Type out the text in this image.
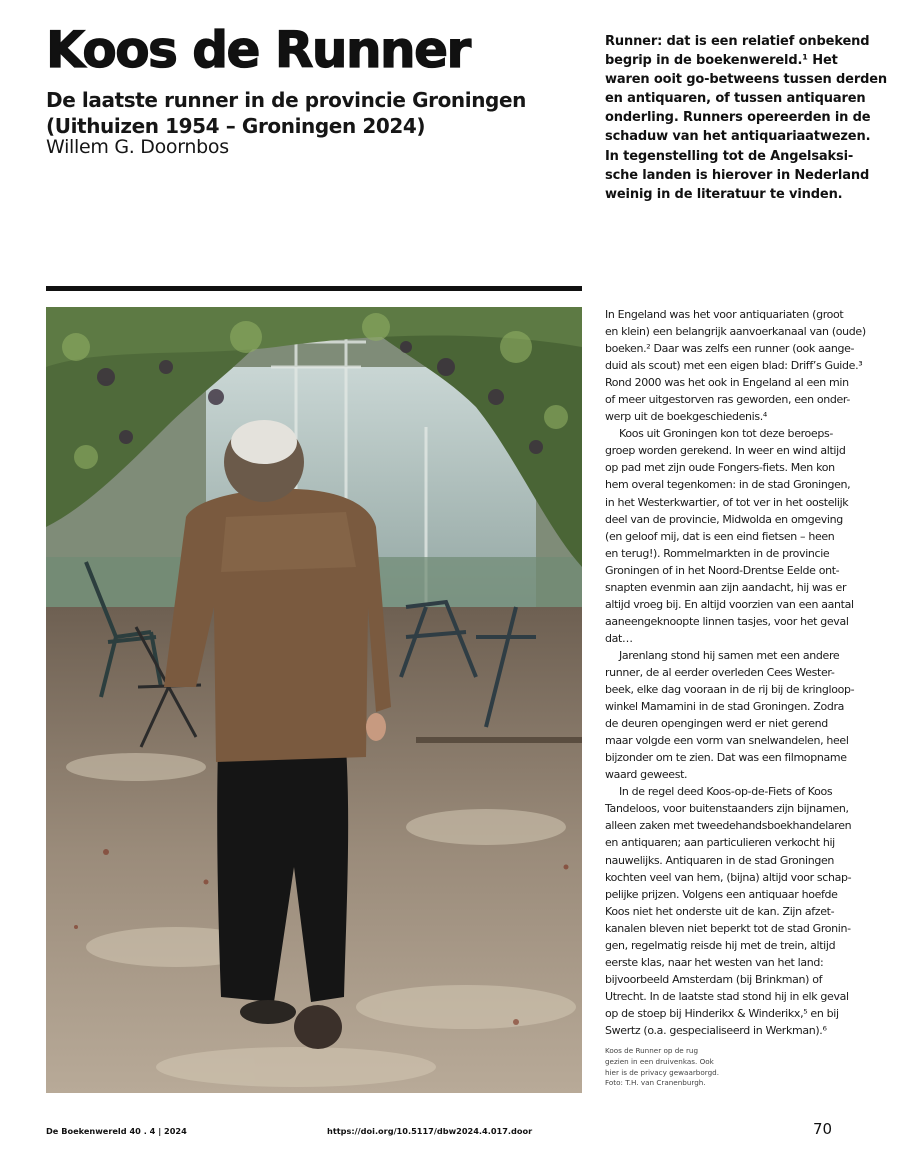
Koos de Runner
De laatste runner in de provincie Groningen
(Uithuizen 1954 – Groningen 2024)

Willem G. Doornbos

Runner: dat is een relatief onbekend
begrip in de boekenwereld.¹ Het
waren ooit go-betweens tussen derden
en antiquaren, of tussen antiquaren
onderling. Runners opereerden in de
schaduw van het antiquariaatwezen.
In tegenstelling tot de Angelsaksi-
sche landen is hierover in Nederland
weinig in de literatuur te vinden.
In Engeland was het voor antiquariaten (groot
en klein) een belangrijk aanvoerkanaal van (oude)
boeken.² Daar was zelfs een runner (ook aange-
duid als scout) met een eigen blad: Driff’s Guide.³
Rond 2000 was het ook in Engeland al een min
of meer uitgestorven ras geworden, een onder-
werp uit de boekgeschiedenis.⁴
Koos uit Groningen kon tot deze beroeps-
groep worden gerekend. In weer en wind altijd
op pad met zijn oude Fongers-fiets. Men kon
hem overal tegenkomen: in de stad Groningen,
in het Westerkwartier, of tot ver in het oostelijk
deel van de provincie, Midwolda en omgeving
(en geloof mij, dat is een eind fietsen – heen
en terug!). Rommelmarkten in de provincie
Groningen of in het Noord-Drentse Eelde ont-
snapten evenmin aan zijn aandacht, hij was er
altijd vroeg bij. En altijd voorzien van een aantal
aaneengeknoopte linnen tasjes, voor het geval
dat…
Jarenlang stond hij samen met een andere
runner, de al eerder overleden Cees Wester-
beek, elke dag vooraan in de rij bij de kringloop-
winkel Mamamini in de stad Groningen. Zodra
de deuren opengingen werd er niet gerend
maar volgde een vorm van snelwandelen, heel
bijzonder om te zien. Dat was een filmopname
waard geweest.
In de regel deed Koos-op-de-Fiets of Koos
Tandeloos, voor buitenstaanders zijn bijnamen,
alleen zaken met tweedehandsboekhandelaren
en antiquaren; aan particulieren verkocht hij
nauwelijks. Antiquaren in de stad Groningen
kochten veel van hem, (bijna) altijd voor schap-
pelijke prijzen. Volgens een antiquaar hoefde
Koos niet het onderste uit de kan. Zijn afzet-
kanalen bleven niet beperkt tot de stad Gronin-
gen, regelmatig reisde hij met de trein, altijd
eerste klas, naar het westen van het land:
bijvoorbeeld Amsterdam (bij Brinkman) of
Utrecht. In de laatste stad stond hij in elk geval
op de stoep bij Hinderikx & Winderikx,⁵ en bij
Swertz (o.a. gespecialiseerd in Werkman).⁶
Koos de Runner op de rug
gezien in een druivenkas. Ook
hier is de privacy gewaarborgd.
Foto: T.H. van Cranenburgh.
De Boekenwereld 40 . 4 | 2024	https://doi.org/10.5117/dbw2024.4.017.door	70
